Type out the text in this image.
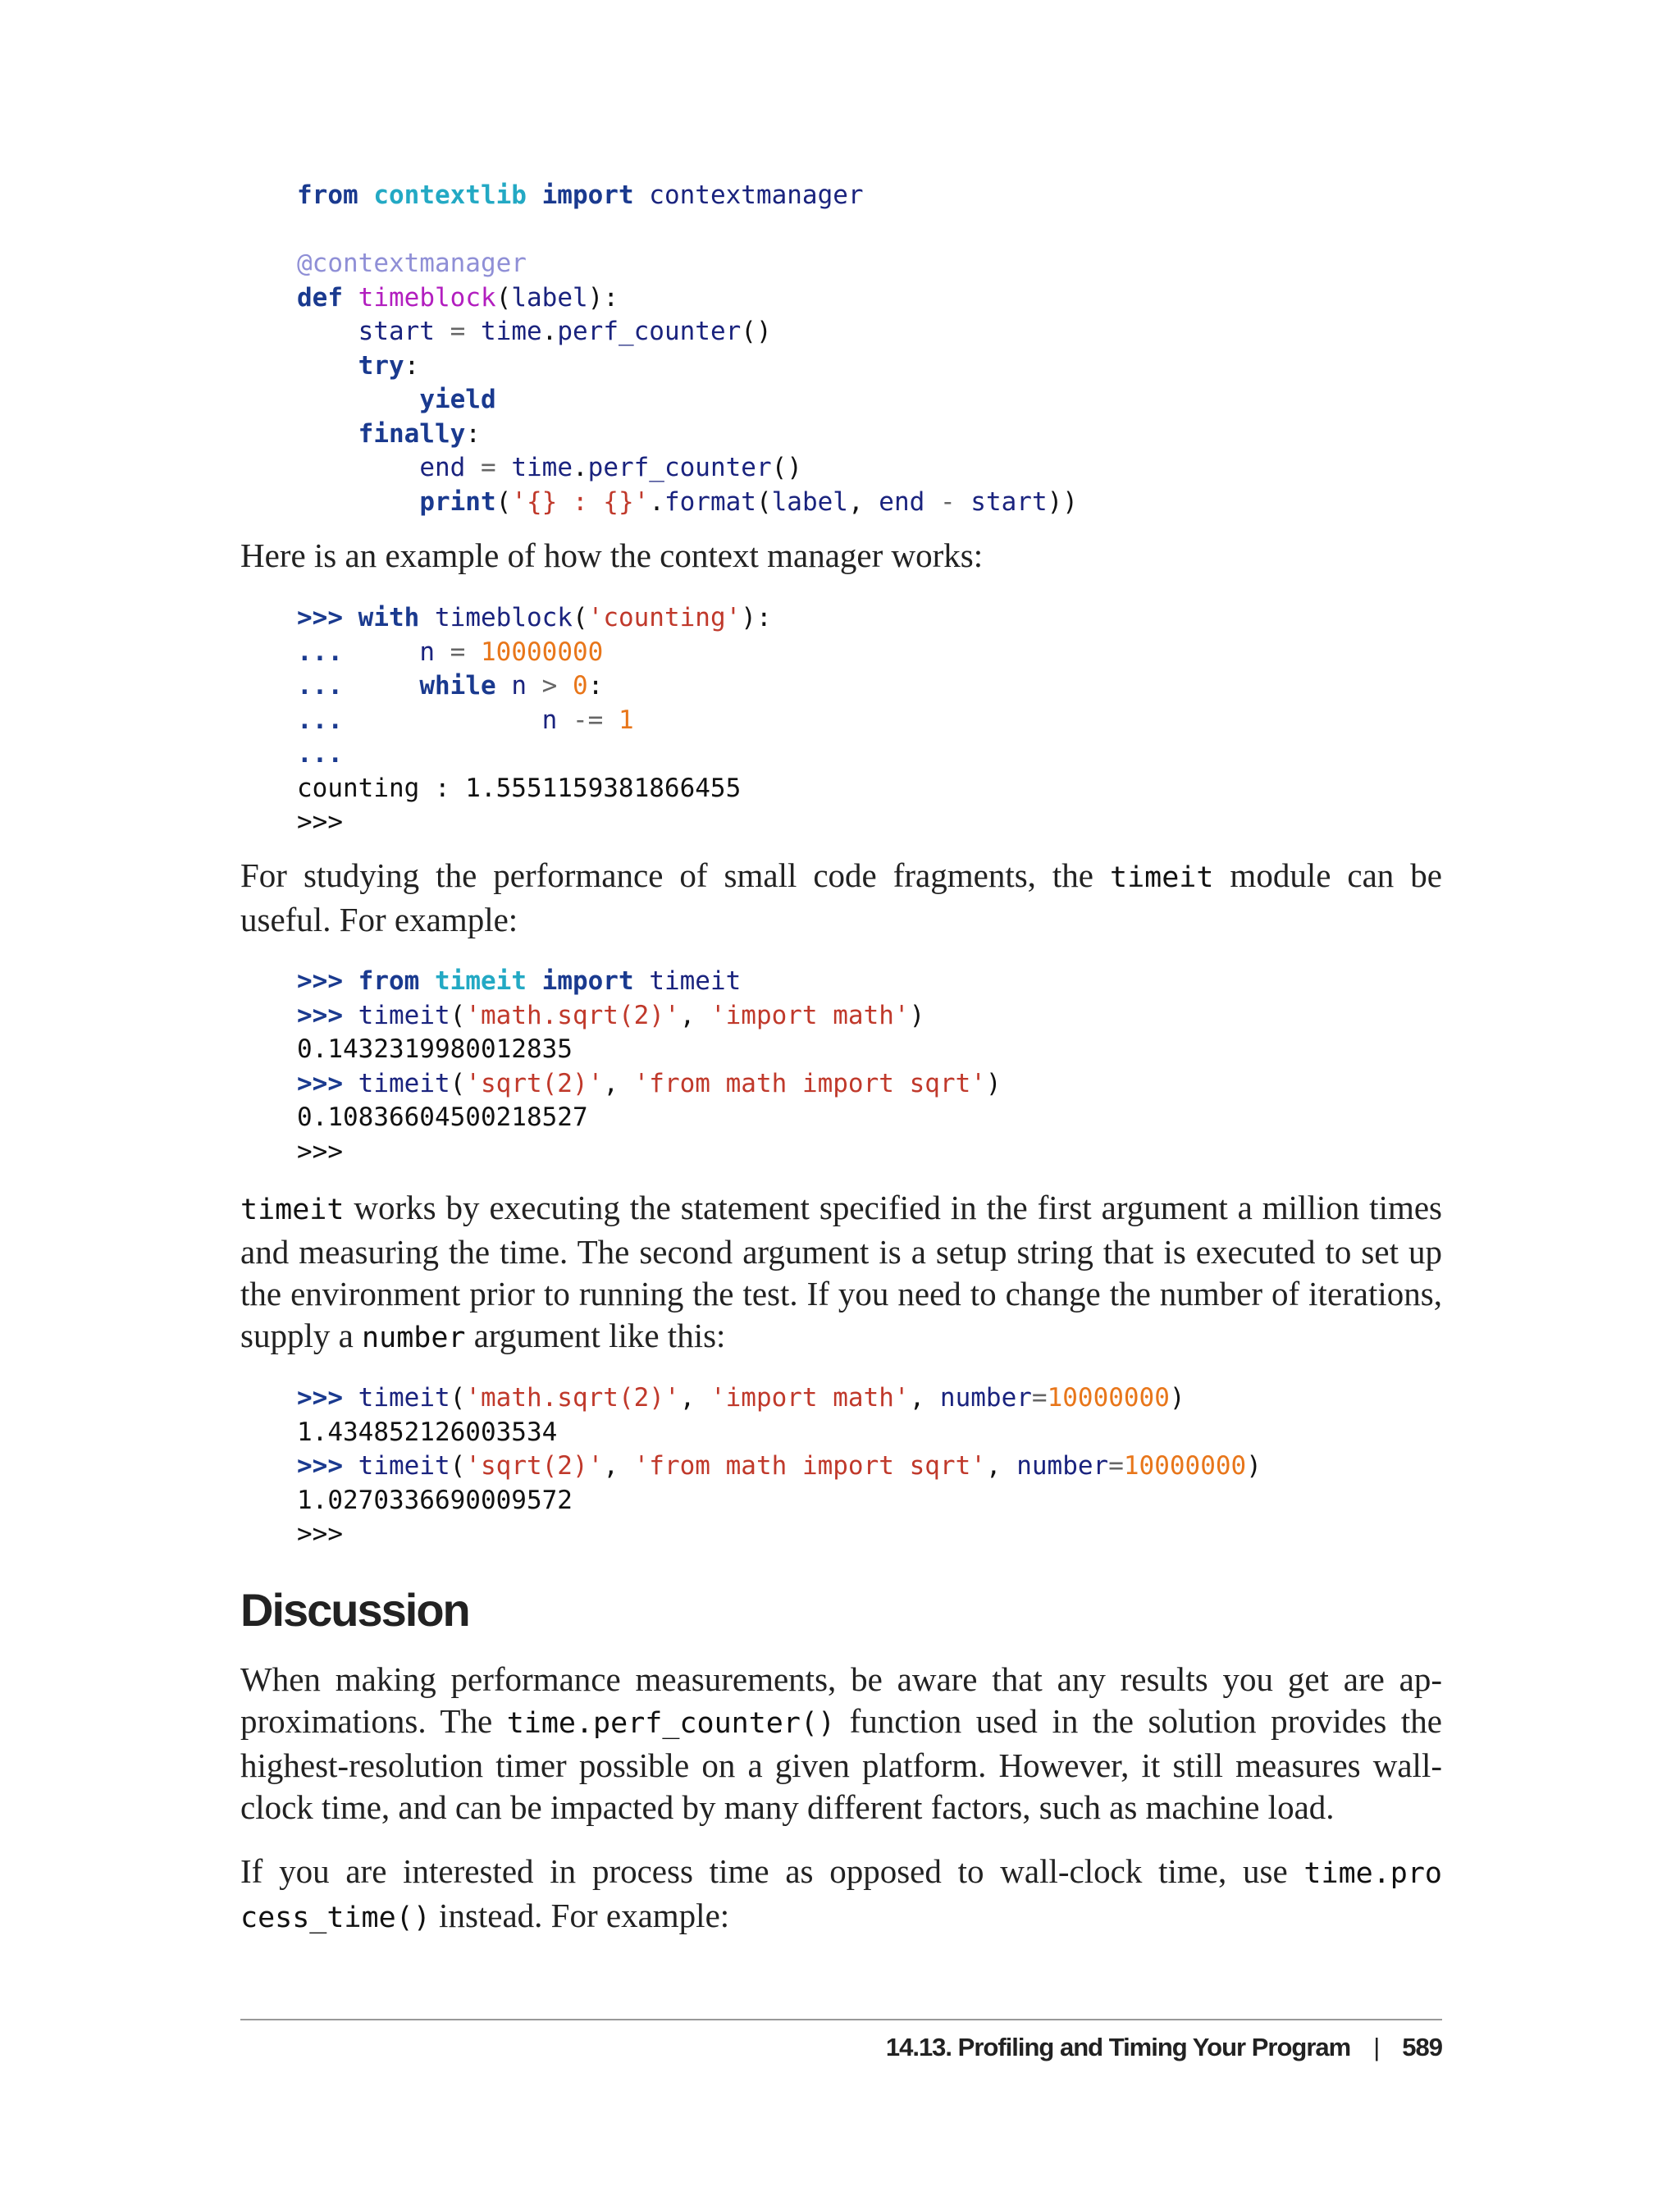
from contextlib import contextmanager

@contextmanager
def timeblock(label):
start = time.perf_counter()
try:
yield
finally:
end = time.perf_counter()
print('{} : {}'.format(label, end - start))

Here is an example of how the context manager works:

>>> with timeblock('counting'):
...	n = 10000000
...	while n > 0:
...	n -= 1
...
counting : 1.5551159381866455
>>>

For studying the performance of small code fragments, the timeit module can be useful. For example:

>>> from timeit import timeit
>>> timeit('math.sqrt(2)', 'import math')
0.1432319980012835
>>> timeit('sqrt(2)', 'from math import sqrt')
0.10836604500218527
>>>

timeit works by executing the statement specified in the first argument a million times and measuring the time. The second argument is a setup string that is executed to set up the environment prior to running the test. If you need to change the number of iterations, supply a number argument like this:

>>> timeit('math.sqrt(2)', 'import math', number=10000000)
1.434852126003534
>>> timeit('sqrt(2)', 'from math import sqrt', number=10000000)
1.0270336690009572
>>>
Discussion

When making performance measurements, be aware that any results you get are ap-proximations. The time.perf_counter() function used in the solution provides the highest-resolution timer possible on a given platform. However, it still measures wall-clock time, and can be impacted by many different factors, such as machine load.

If you are interested in process time as opposed to wall-clock time, use time.pro cess_time() instead. For example:

14.13. Profiling and Timing Your Program | 589
